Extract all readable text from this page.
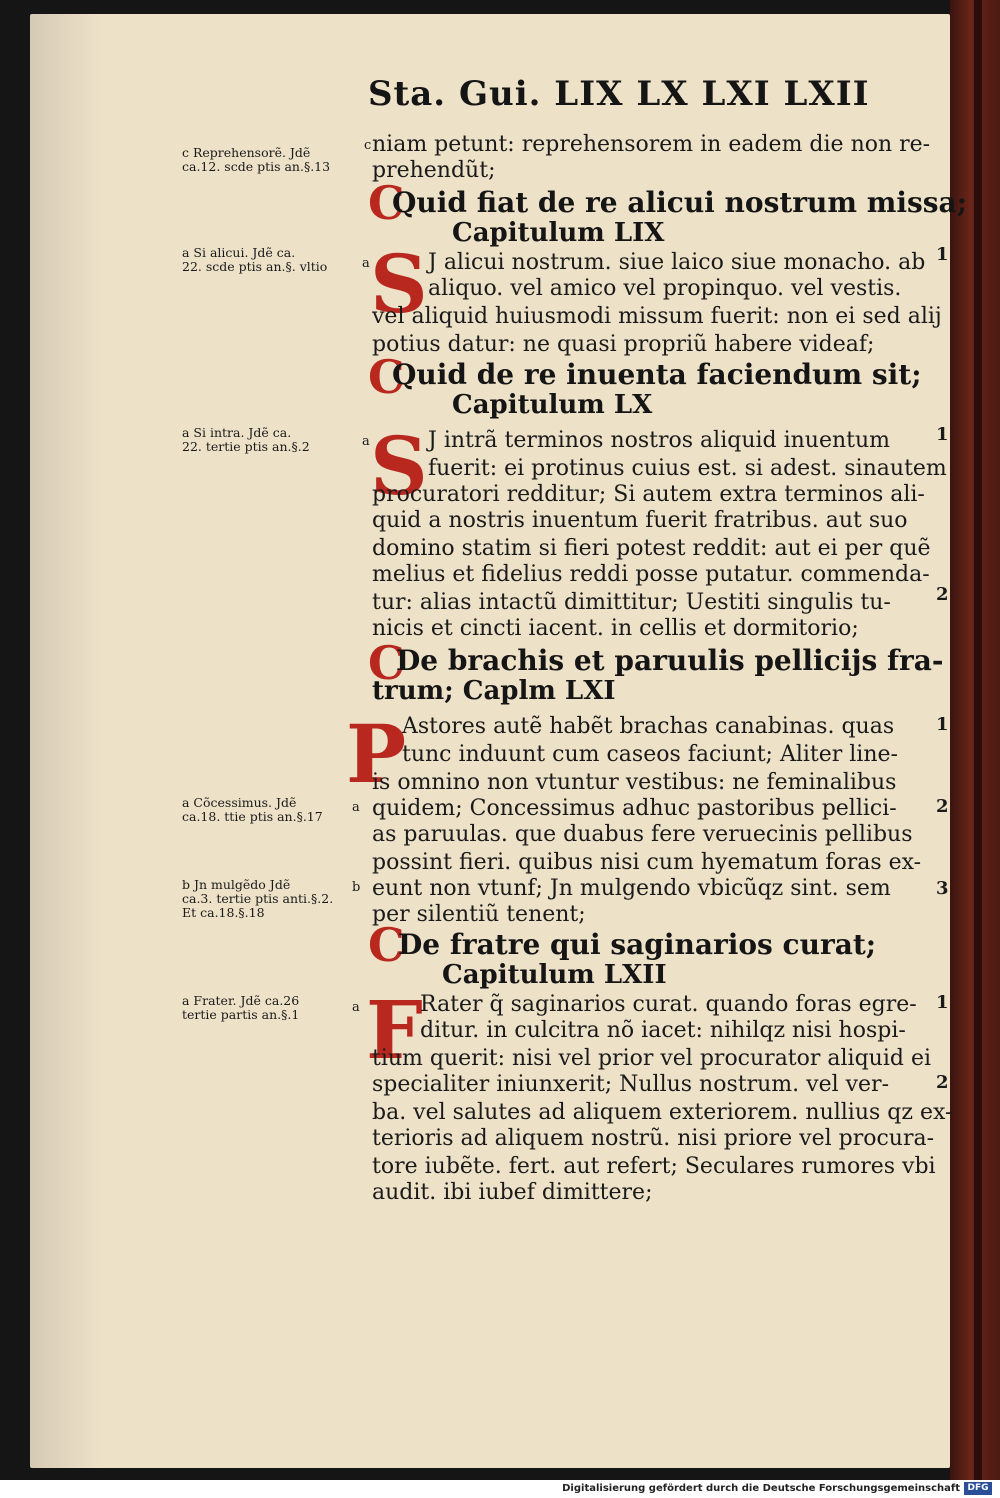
Sta. Gui. LIX LX LXI LXII
c Reprehensorẽ. Jdẽ
ca.12. scde ptis an.§.13
a Si alicui. Jdẽ ca.
22. scde ptis an.§. vltio
a Si intra. Jdẽ ca.
22. tertie ptis an.§.2
a Cõcessimus. Jdẽ
ca.18. ttie ptis an.§.17
b Jn mulgẽdo Jdẽ
ca.3. tertie ptis anti.§.2.
Et ca.18.§.18
a Frater. Jdẽ ca.26
tertie partis an.§.1
c
a
a
a
b
a
C
C
C
C
S
S
P
F
niam petunt: reprehensorem in eadem die non re-
prehendũt;
Quid fiat de re alicui nostrum missa;
Capitulum LIX
J alicui nostrum. siue laico siue monacho. ab
aliquo. vel amico vel propinquo. vel vestis.
vel aliquid huiusmodi missum fuerit: non ei sed alij
potius datur: ne quasi propriũ habere videaf;
Quid de re inuenta faciendum sit;
Capitulum LX
J intrã terminos nostros aliquid inuentum
fuerit: ei protinus cuius est. si adest. sinautem
procuratori redditur; Si autem extra terminos ali-
quid a nostris inuentum fuerit fratribus. aut suo
domino statim si fieri potest reddit: aut ei per quẽ
melius et fidelius reddi posse putatur. commenda-
tur: alias intactũ dimittitur; Uestiti singulis tu-
nicis et cincti iacent. in cellis et dormitorio;
De brachis et paruulis pellicijs fra-
trum; Caplm LXI
Astores autẽ habẽt brachas canabinas. quas
tunc induunt cum caseos faciunt; Aliter line-
is omnino non vtuntur vestibus: ne feminalibus
quidem; Concessimus adhuc pastoribus pellici-
as paruulas. que duabus fere veruecinis pellibus
possint fieri. quibus nisi cum hyematum foras ex-
eunt non vtunf; Jn mulgendo vbicũqz sint. sem
per silentiũ tenent;
De fratre qui saginarios curat;
Capitulum LXII
Rater q̃ saginarios curat. quando foras egre-
ditur. in culcitra nõ iacet: nihilqz nisi hospi-
tium querit: nisi vel prior vel procurator aliquid ei
specialiter iniunxerit; Nullus nostrum. vel ver-
ba. vel salutes ad aliquem exteriorem. nullius qz ex-
terioris ad aliquem nostrũ. nisi priore vel procura-
tore iubẽte. fert. aut refert; Seculares rumores vbi
audit. ibi iubef dimittere;
1
1
2
1
2
3
1
2
Digitalisierung gefördert durch die Deutsche Forschungsgemeinschaft DFG
